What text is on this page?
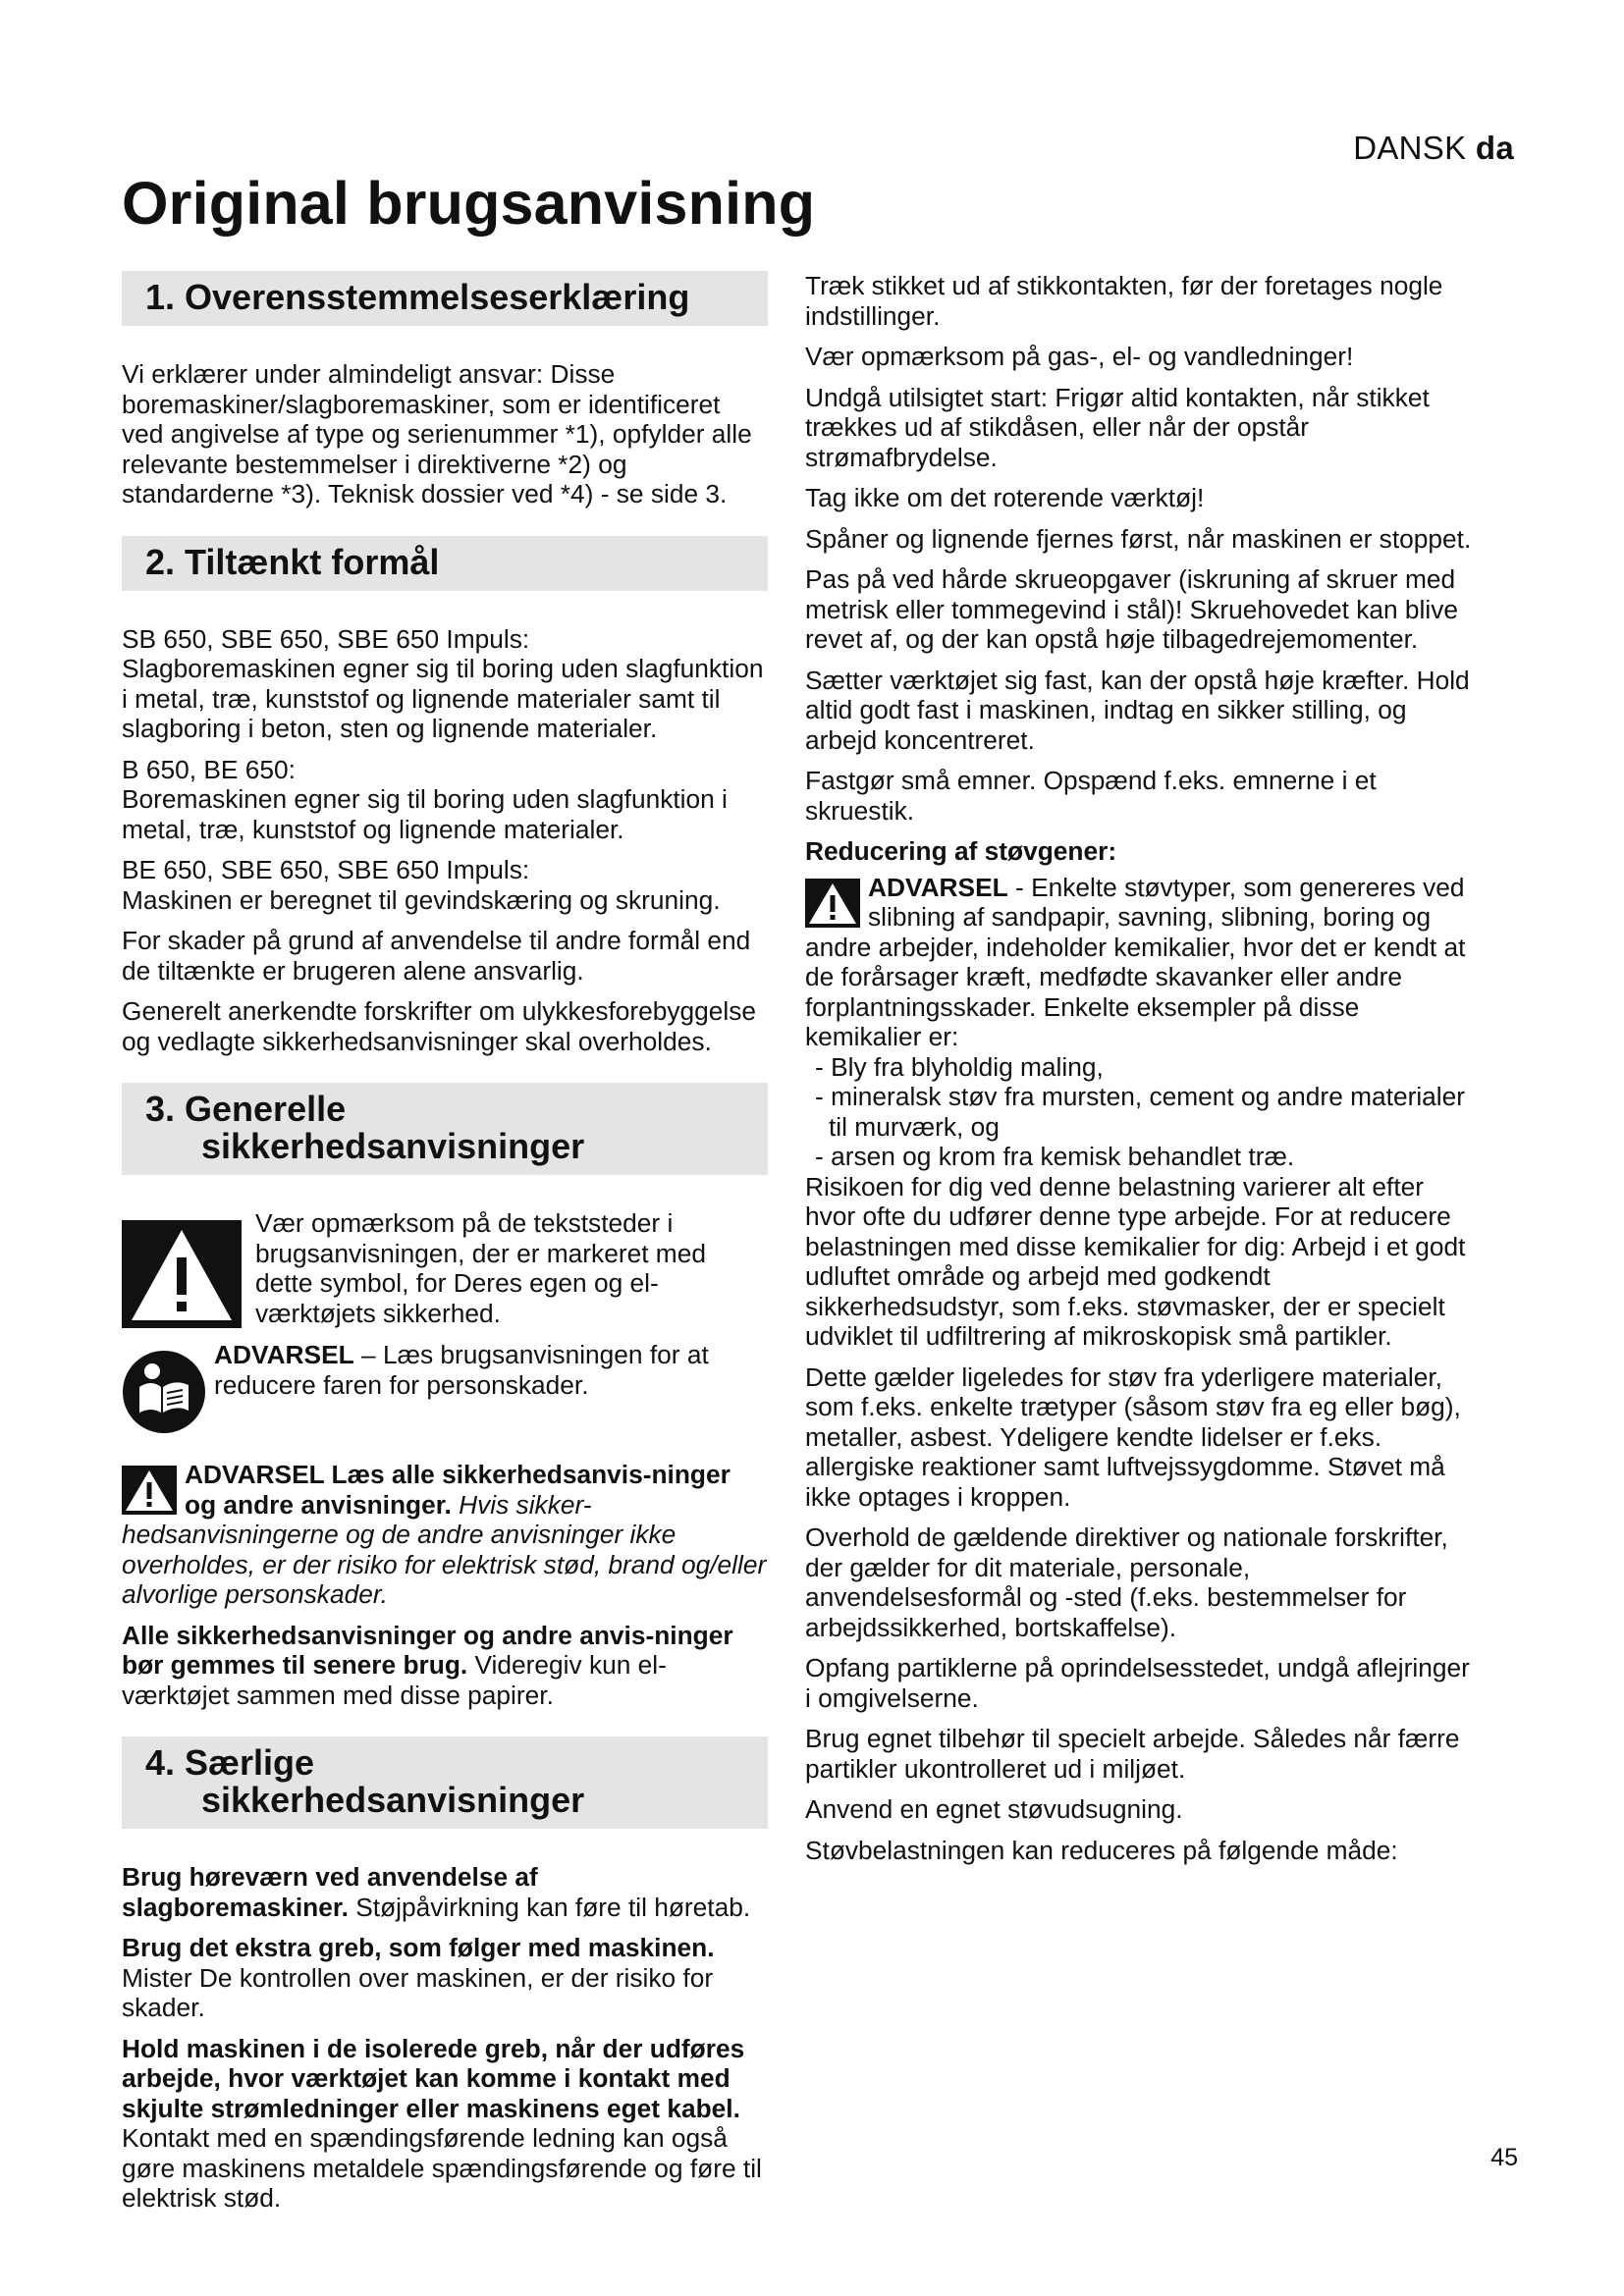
DANSK da
Original brugsanvisning
1. Overensstemmelseserklæring

Vi erklærer under almindeligt ansvar: Disse boremaskiner/slagboremaskiner, som er identificeret ved angivelse af type og serienummer *1), opfylder alle relevante bestemmelser i direktiverne *2) og standarderne *3). Teknisk dossier ved *4) - se side 3.

2. Tiltænkt formål

SB 650, SBE 650, SBE 650 Impuls:
Slagboremaskinen egner sig til boring uden slagfunktion i metal, træ, kunststof og lignende materialer samt til slagboring i beton, sten og lignende materialer.

B 650, BE 650:
Boremaskinen egner sig til boring uden slagfunktion i metal, træ, kunststof og lignende materialer.

BE 650, SBE 650, SBE 650 Impuls:
Maskinen er beregnet til gevindskæring og skruning.

For skader på grund af anvendelse til andre formål end de tiltænkte er brugeren alene ansvarlig.

Generelt anerkendte forskrifter om ulykkesforebyggelse og vedlagte sikkerhedsanvisninger skal overholdes.

3. Generelle
sikkerhedsanvisninger
Vær opmærksom på de tekststeder i brugsanvisningen, der er markeret med dette symbol, for Deres egen og el-værktøjets sikkerhed.
ADVARSEL – Læs brugsanvisningen for at reducere faren for personskader.

ADVARSEL Læs alle sikkerhedsanvis-ninger og andre anvisninger. Hvis sikker-hedsanvisningerne og de andre anvisninger ikke overholdes, er der risiko for elektrisk stød, brand og/eller alvorlige personskader.

Alle sikkerhedsanvisninger og andre anvis-ninger bør gemmes til senere brug. Videregiv kun el-værktøjet sammen med disse papirer.

4. Særlige
sikkerhedsanvisninger

Brug høreværn ved anvendelse af slagboremaskiner. Støjpåvirkning kan føre til høretab.

Brug det ekstra greb, som følger med maskinen. Mister De kontrollen over maskinen, er der risiko for skader.

Hold maskinen i de isolerede greb, når der udføres arbejde, hvor værktøjet kan komme i kontakt med skjulte strømledninger eller maskinens eget kabel. Kontakt med en spændingsførende ledning kan også gøre maskinens metaldele spændingsførende og føre til elektrisk stød.

Træk stikket ud af stikkontakten, før der foretages nogle indstillinger.

Vær opmærksom på gas-, el- og vandledninger!

Undgå utilsigtet start: Frigør altid kontakten, når stikket trækkes ud af stikdåsen, eller når der opstår strømafbrydelse.

Tag ikke om det roterende værktøj!

Spåner og lignende fjernes først, når maskinen er stoppet.

Pas på ved hårde skrueopgaver (iskruning af skruer med metrisk eller tommegevind i stål)! Skruehovedet kan blive revet af, og der kan opstå høje tilbagedrejemomenter.

Sætter værktøjet sig fast, kan der opstå høje kræfter. Hold altid godt fast i maskinen, indtag en sikker stilling, og arbejd koncentreret.

Fastgør små emner. Opspænd f.eks. emnerne i et skruestik.

Reducering af støvgener:

ADVARSEL - Enkelte støvtyper, som genereres ved slibning af sandpapir, savning, slibning, boring og andre arbejder, indeholder kemikalier, hvor det er kendt at de forårsager kræft, medfødte skavanker eller andre forplantningsskader. Enkelte eksempler på disse kemikalier er:

- Bly fra blyholdig maling,
- mineralsk støv fra mursten, cement og andre materialer til murværk, og
- arsen og krom fra kemisk behandlet træ.

Risikoen for dig ved denne belastning varierer alt efter hvor ofte du udfører denne type arbejde. For at reducere belastningen med disse kemikalier for dig: Arbejd i et godt udluftet område og arbejd med godkendt sikkerhedsudstyr, som f.eks. støvmasker, der er specielt udviklet til udfiltrering af mikroskopisk små partikler.

Dette gælder ligeledes for støv fra yderligere materialer, som f.eks. enkelte trætyper (såsom støv fra eg eller bøg), metaller, asbest. Ydeligere kendte lidelser er f.eks. allergiske reaktioner samt luftvejssygdomme. Støvet må ikke optages i kroppen.

Overhold de gældende direktiver og nationale forskrifter, der gælder for dit materiale, personale, anvendelsesformål og -sted (f.eks. bestemmelser for arbejdssikkerhed, bortskaffelse).

Opfang partiklerne på oprindelsesstedet, undgå aflejringer i omgivelserne.

Brug egnet tilbehør til specielt arbejde. Således når færre partikler ukontrolleret ud i miljøet.

Anvend en egnet støvudsugning.

Støvbelastningen kan reduceres på følgende måde:

45
